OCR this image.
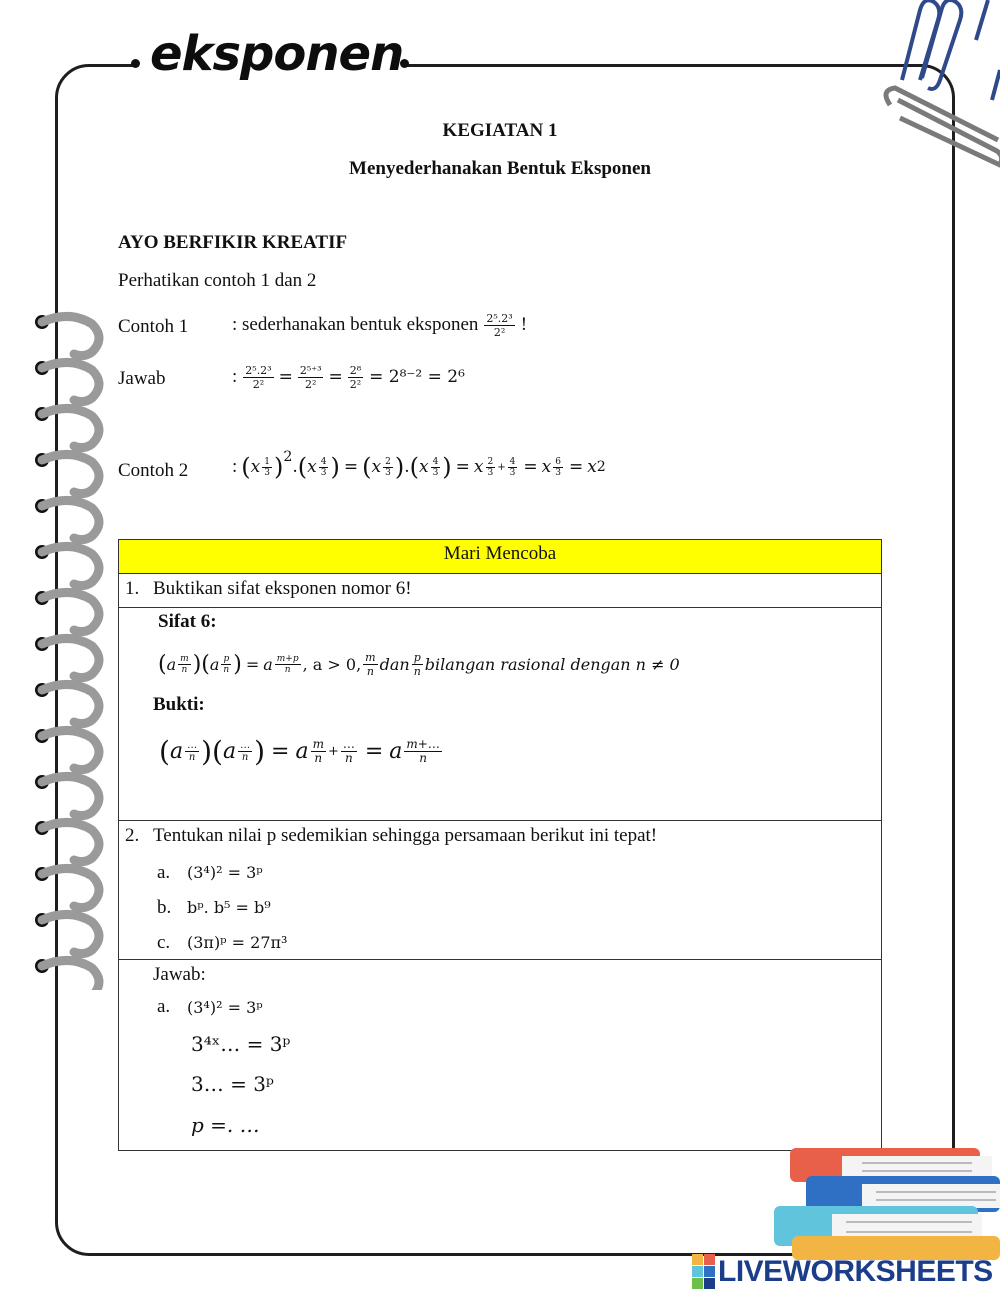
eksponen
KEGIATAN 1
Menyederhanakan Bentuk Eksponen
AYO BERFIKIR KREATIF
Perhatikan contoh 1 dan 2
Contoh 1 : sederhanakan bentuk eksponen $\frac{\text{2⁵.2³}}{\text{2²}}$ !
Jawab	: $\frac{\text{2⁵.2³}}{\text{2²}} = \frac{\text{2⁵⁺³}}{\text{2²}} = \frac{\text{2⁸}}{\text{2²}} = 2^{8-2} = 2^6$
Contoh 2 : ( x $\frac{1}{3} )^2$ . ( x $\frac{4}{3}$ ) = ( x $\frac{2}{3}$ ) . ( x $\frac{4}{3}$ ) = x $\frac{2}{3} + \frac{4}{3} = x \frac{6}{3} = x$ 2
Mari Mencoba
1. Buktikan sifat eksponen nomor 6!

Sifat 6:
( a $\frac{m}{n}$ ) ( a $\frac{p}{n}$ ) = a $\frac{m+p}{n}$ , a > 0, $\frac{m}{n}$ dan $\frac{p}{n}$ bilangan rasional dengan n ≠ 0
Bukti:
( a $\frac{\dots}{n}$ ) ( a $\frac{\dots}{n}$ ) = a $\frac{m}{n} + \frac{\dots}{n} = a \frac{m+\dots}{n}$

2. Tentukan nilai p sedemikian sehingga persamaan berikut ini tepat!
a.	(3⁴)² = 3ᵖ
b. bᵖ. b⁵ = b⁹
c.	(3π)ᵖ = 27π³

Jawab:
a.	(3⁴)² = 3ᵖ
3⁴ˣ… = 3ᵖ
3… = 3ᵖ
p =. …
LIVEWORKSHEETS
